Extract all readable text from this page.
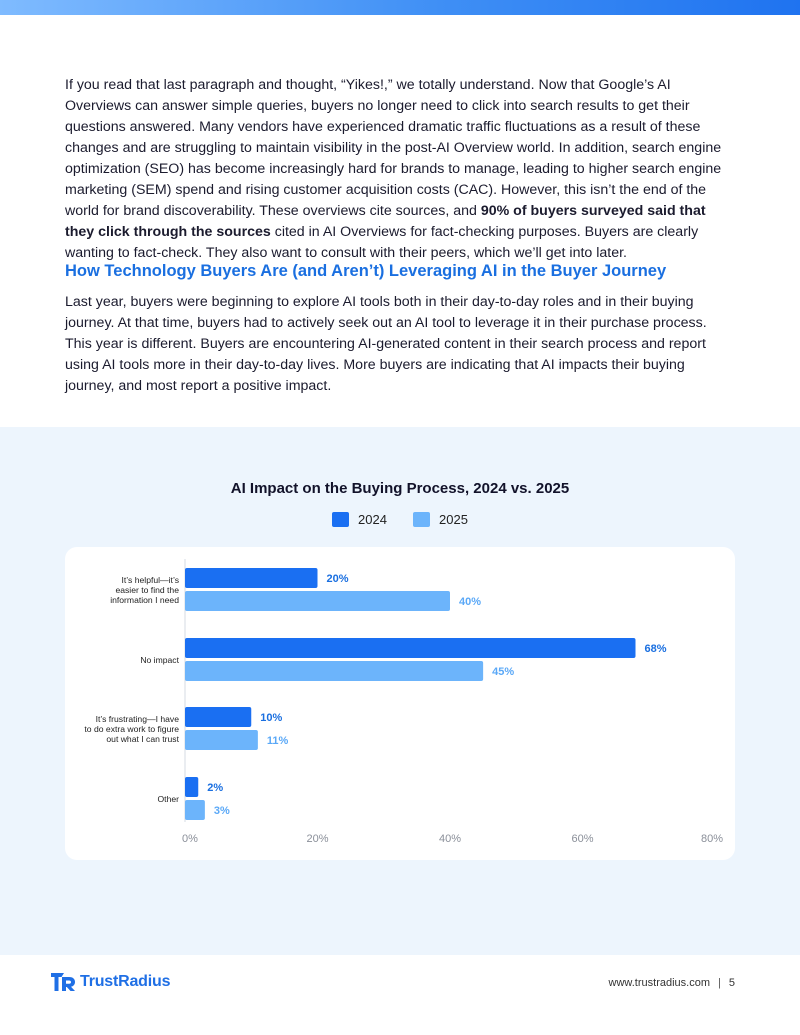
If you read that last paragraph and thought, “Yikes!,” we totally understand. Now that Google’s AI Overviews can answer simple queries, buyers no longer need to click into search results to get their questions answered. Many vendors have experienced dramatic traffic fluctuations as a result of these changes and are struggling to maintain visibility in the post-AI Overview world. In addition, search engine optimization (SEO) has become increasingly hard for brands to manage, leading to higher search engine marketing (SEM) spend and rising customer acquisition costs (CAC). However, this isn’t the end of the world for brand discoverability. These overviews cite sources, and 90% of buyers surveyed said that they click through the sources cited in AI Overviews for fact-checking purposes. Buyers are clearly wanting to fact-check. They also want to consult with their peers, which we’ll get into later.

How Technology Buyers Are (and Aren’t) Leveraging AI in the Buyer Journey

Last year, buyers were beginning to explore AI tools both in their day-to-day roles and in their buying journey. At that time, buyers had to actively seek out an AI tool to leverage it in their purchase process. This year is different. Buyers are encountering AI-generated content in their search process and report using AI tools more in their day-to-day lives. More buyers are indicating that AI impacts their buying journey, and most report a positive impact.

AI Impact on the Buying Process, 2024 vs. 2025
2024	2025
20%
40%
It’s helpful—it’s easier to find the information I need
68%
45%
No impact
10%
11%
It’s frustrating—I have to do extra work to figure out what I can trust
2%
3%
Other
0%	20%	40%	60%	80%
TrustRadius	www.trustradius.com | 5
